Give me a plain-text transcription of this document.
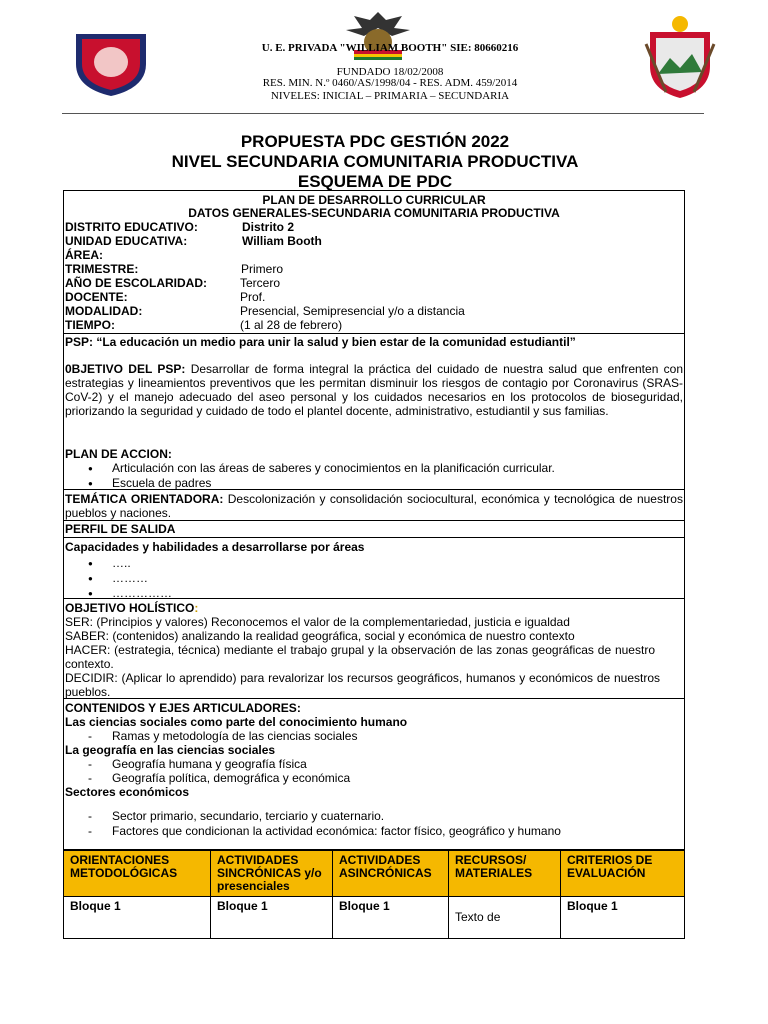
U. E. PRIVADA "WILLIAM BOOTH" SIE: 80660216
FUNDADO 18/02/2008
RES. MIN. N.º 0460/AS/1998/04 - RES. ADM. 459/2014
NIVELES: INICIAL – PRIMARIA – SECUNDARIA
PROPUESTA PDC GESTIÓN 2022
NIVEL SECUNDARIA COMUNITARIA PRODUCTIVA
ESQUEMA DE PDC
PLAN DE DESARROLLO CURRICULAR
DATOS GENERALES-SECUNDARIA COMUNITARIA PRODUCTIVA
DISTRITO EDUCATIVO:	Distrito 2
UNIDAD EDUCATIVA:	William Booth
ÁREA:
TRIMESTRE:	Primero
AÑO DE ESCOLARIDAD:	Tercero
DOCENTE:	Prof.
MODALIDAD:	Presencial, Semipresencial y/o a distancia
TIEMPO:	(1 al 28 de febrero)
PSP: “La educación un medio para unir la salud y bien estar de la comunidad estudiantil”
0BJETIVO DEL PSP: Desarrollar de forma integral la práctica del cuidado de nuestra salud que enfrenten con estrategias y lineamientos preventivos que les permitan disminuir los riesgos de contagio por Coronavirus (SRAS-CoV-2) y el manejo adecuado del aseo personal y los cuidados necesarios en los protocolos de bioseguridad, priorizando la seguridad y cuidado de todo el plantel docente, administrativo, estudiantil y sus familias.
PLAN DE ACCION:
● Articulación con las áreas de saberes y conocimientos en la planificación curricular.
● Escuela de padres
TEMÁTICA ORIENTADORA: Descolonización y consolidación sociocultural, económica y tecnológica de nuestros pueblos y naciones.
PERFIL DE SALIDA
Capacidades y habilidades a desarrollarse por áreas
● …..
● ………
● ……………
OBJETIVO HOLÍSTICO:
SER: (Principios y valores) Reconocemos el valor de la complementariedad, justicia e igualdad
SABER: (contenidos) analizando la realidad geográfica, social y económica de nuestro contexto
HACER: (estrategia, técnica) mediante el trabajo grupal y la observación de las zonas geográficas de nuestro contexto.
DECIDIR: (Aplicar lo aprendido) para revalorizar los recursos geográficos, humanos y económicos de nuestros pueblos.
CONTENIDOS Y EJES ARTICULADORES:
Las ciencias sociales como parte del conocimiento humano
- Ramas y metodología de las ciencias sociales
La geografía en las ciencias sociales
- Geografía humana y geografía física
- Geografía política, demográfica y económica
Sectores económicos
- Sector primario, secundario, terciario y cuaternario.
- Factores que condicionan la actividad económica: factor físico, geográfico y humano
ORIENTACIONES METODOLÓGICAS	ACTIVIDADES SINCRÓNICAS y/o presenciales	ACTIVIDADES ASINCRÓNICAS	RECURSOS/ MATERIALES	CRITERIOS DE EVALUACIÓN
Bloque 1	Bloque 1	Bloque 1	Texto de	Bloque 1
